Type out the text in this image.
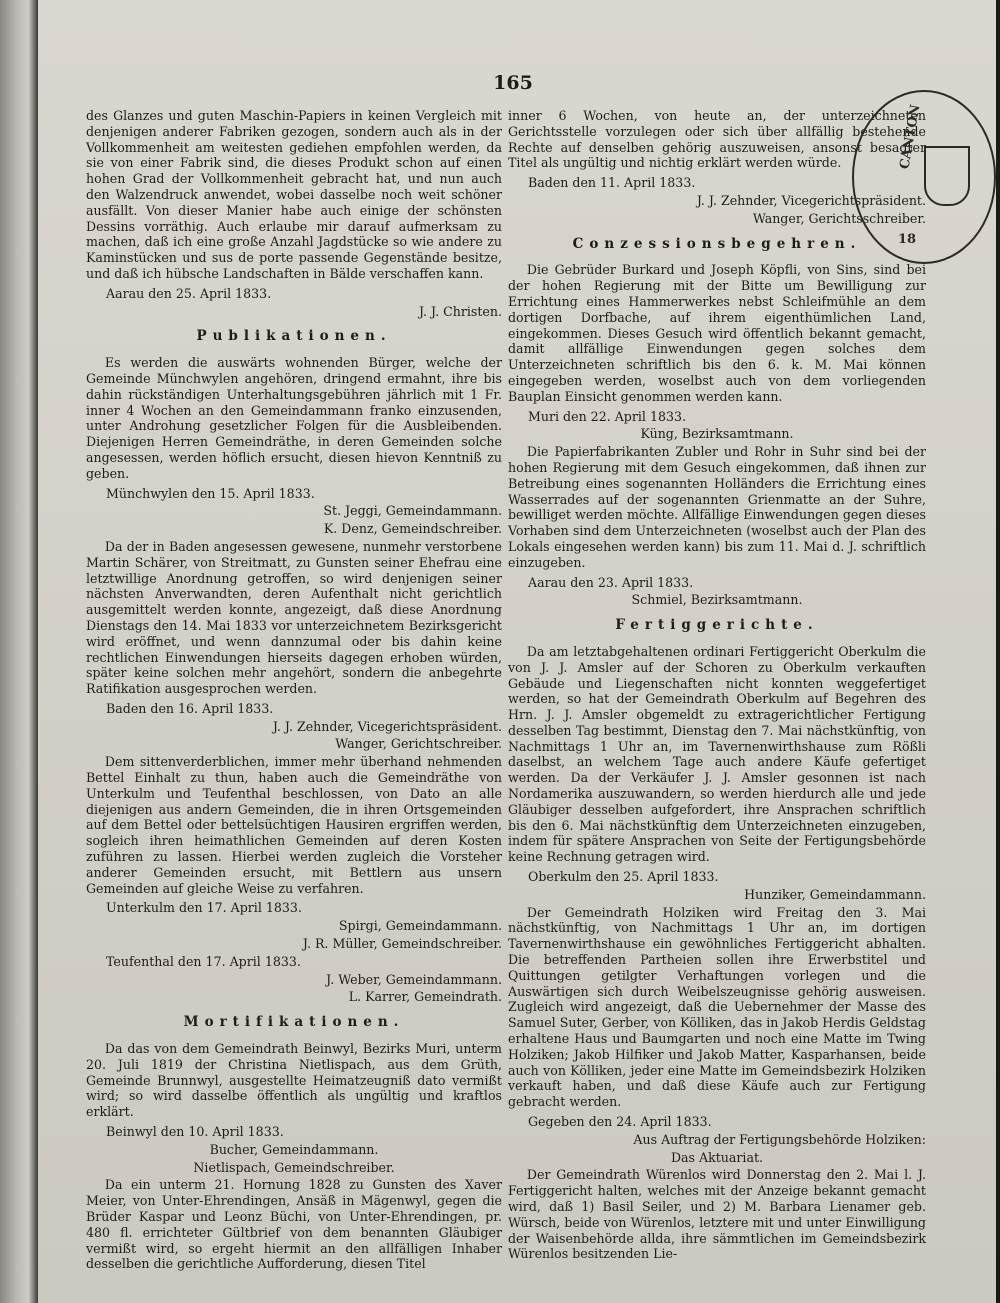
165

des Glanzes und guten Maschin-Papiers in keinen Vergleich mit denjenigen anderer Fabriken gezogen, sondern auch als in der Vollkommenheit am weitesten gediehen empfohlen werden, da sie von einer Fabrik sind, die dieses Produkt schon auf einen hohen Grad der Vollkommenheit gebracht hat, und nun auch den Walzendruck anwendet, wobei dasselbe noch weit schöner ausfällt. Von dieser Manier habe auch einige der schönsten Dessins vorräthig. Auch erlaube mir darauf aufmerksam zu machen, daß ich eine große Anzahl Jagdstücke so wie andere zu Kaminstücken und sus de porte passende Gegenstände besitze, und daß ich hübsche Landschaften in Bälde verschaffen kann.

Aarau den 25. April 1833.
J. J. Christen.
Publikationen.

Es werden die auswärts wohnenden Bürger, welche der Gemeinde Münchwylen angehören, dringend ermahnt, ihre bis dahin rückständigen Unterhaltungsgebühren jährlich mit 1 Fr. inner 4 Wochen an den Gemeindammann franko einzusenden, unter Androhung gesetzlicher Folgen für die Ausbleibenden. Diejenigen Herren Gemeindräthe, in deren Gemeinden solche angesessen, werden höflich ersucht, diesen hievon Kenntniß zu geben.

Münchwylen den 15. April 1833.
St. Jeggi, Gemeindammann.
K. Denz, Gemeindschreiber.

Da der in Baden angesessen gewesene, nunmehr verstorbene Martin Schärer, von Streitmatt, zu Gunsten seiner Ehefrau eine letztwillige Anordnung getroffen, so wird denjenigen seiner nächsten Anverwandten, deren Aufenthalt nicht gerichtlich ausgemittelt werden konnte, angezeigt, daß diese Anordnung Dienstags den 14. Mai 1833 vor unterzeichnetem Bezirksgericht wird eröffnet, und wenn dannzumal oder bis dahin keine rechtlichen Einwendungen hierseits dagegen erhoben würden, später keine solchen mehr angehört, sondern die anbegehrte Ratifikation ausgesprochen werden.

Baden den 16. April 1833.
J. J. Zehnder, Vicegerichtspräsident.
Wanger, Gerichtschreiber.

Dem sittenverderblichen, immer mehr überhand nehmenden Bettel Einhalt zu thun, haben auch die Gemeindräthe von Unterkulm und Teufenthal beschlossen, von Dato an alle diejenigen aus andern Gemeinden, die in ihren Ortsgemeinden auf dem Bettel oder bettelsüchtigen Hausiren ergriffen werden, sogleich ihren heimathlichen Gemeinden auf deren Kosten zuführen zu lassen. Hierbei werden zugleich die Vorsteher anderer Gemeinden ersucht, mit Bettlern aus unsern Gemeinden auf gleiche Weise zu verfahren.

Unterkulm den 17. April 1833.
Spirgi, Gemeindammann.
J. R. Müller, Gemeindschreiber.
Teufenthal den 17. April 1833.
J. Weber, Gemeindammann.
L. Karrer, Gemeindrath.
Mortifikationen.

Da das von dem Gemeindrath Beinwyl, Bezirks Muri, unterm 20. Juli 1819 der Christina Nietlispach, aus dem Grüth, Gemeinde Brunnwyl, ausgestellte Heimatzeugniß dato vermißt wird; so wird dasselbe öffentlich als ungültig und kraftlos erklärt.

Beinwyl den 10. April 1833.
Bucher, Gemeindammann.
Nietlispach, Gemeindschreiber.

Da ein unterm 21. Hornung 1828 zu Gunsten des Xaver Meier, von Unter-Ehrendingen, Ansäß in Mägenwyl, gegen die Brüder Kaspar und Leonz Büchi, von Unter-Ehrendingen, pr. 480 fl. errichteter Gültbrief von dem benannten Gläubiger vermißt wird, so ergeht hiermit an den allfälligen Inhaber desselben die gerichtliche Aufforderung, diesen Titel

inner 6 Wochen, von heute an, der unterzeichneten Gerichtsstelle vorzulegen oder sich über allfällig bestehende Rechte auf denselben gehörig auszuweisen, ansonst besagter Titel als ungültig und nichtig erklärt werden würde.

Baden den 11. April 1833.
J. J. Zehnder, Vicegerichtspräsident.
Wanger, Gerichtsschreiber.
Conzessionsbegehren.

Die Gebrüder Burkard und Joseph Köpfli, von Sins, sind bei der hohen Regierung mit der Bitte um Bewilligung zur Errichtung eines Hammerwerkes nebst Schleifmühle an dem dortigen Dorfbache, auf ihrem eigenthümlichen Land, eingekommen. Dieses Gesuch wird öffentlich bekannt gemacht, damit allfällige Einwendungen gegen solches dem Unterzeichneten schriftlich bis den 6. k. M. Mai können eingegeben werden, woselbst auch von dem vorliegenden Bauplan Einsicht genommen werden kann.

Muri den 22. April 1833.
Küng, Bezirksamtmann.

Die Papierfabrikanten Zubler und Rohr in Suhr sind bei der hohen Regierung mit dem Gesuch eingekommen, daß ihnen zur Betreibung eines sogenannten Holländers die Errichtung eines Wasserrades auf der sogenannten Grienmatte an der Suhre, bewilliget werden möchte. Allfällige Einwendungen gegen dieses Vorhaben sind dem Unterzeichneten (woselbst auch der Plan des Lokals eingesehen werden kann) bis zum 11. Mai d. J. schriftlich einzugeben.

Aarau den 23. April 1833.
Schmiel, Bezirksamtmann.
Fertiggerichte.

Da am letztabgehaltenen ordinari Fertiggericht Oberkulm die von J. J. Amsler auf der Schoren zu Oberkulm verkauften Gebäude und Liegenschaften nicht konnten weggefertiget werden, so hat der Gemeindrath Oberkulm auf Begehren des Hrn. J. J. Amsler obgemeldt zu extragerichtlicher Fertigung desselben Tag bestimmt, Dienstag den 7. Mai nächstkünftig, von Nachmittags 1 Uhr an, im Tavernenwirthshause zum Rößli daselbst, an welchem Tage auch andere Käufe gefertiget werden. Da der Verkäufer J. J. Amsler gesonnen ist nach Nordamerika auszuwandern, so werden hierdurch alle und jede Gläubiger desselben aufgefordert, ihre Ansprachen schriftlich bis den 6. Mai nächstkünftig dem Unterzeichneten einzugeben, indem für spätere Ansprachen von Seite der Fertigungsbehörde keine Rechnung getragen wird.

Oberkulm den 25. April 1833.
Hunziker, Gemeindammann.

Der Gemeindrath Holziken wird Freitag den 3. Mai nächstkünftig, von Nachmittags 1 Uhr an, im dortigen Tavernenwirthshause ein gewöhnliches Fertiggericht abhalten. Die betreffenden Partheien sollen ihre Erwerbstitel und Quittungen getilgter Verhaftungen vorlegen und die Auswärtigen sich durch Weibelszeugnisse gehörig ausweisen. Zugleich wird angezeigt, daß die Uebernehmer der Masse des Samuel Suter, Gerber, von Kölliken, das in Jakob Herdis Geldstag erhaltene Haus und Baumgarten und noch eine Matte im Twing Holziken; Jakob Hilfiker und Jakob Matter, Kasparhansen, beide auch von Kölliken, jeder eine Matte im Gemeindsbezirk Holziken verkauft haben, und daß diese Käufe auch zur Fertigung gebracht werden.

Gegeben den 24. April 1833.
Aus Auftrag der Fertigungsbehörde Holziken:
Das Aktuariat.

Der Gemeindrath Würenlos wird Donnerstag den 2. Mai l. J. Fertiggericht halten, welches mit der Anzeige bekannt gemacht wird, daß 1) Basil Seiler, und 2) M. Barbara Lienamer geb. Würsch, beide von Würenlos, letztere mit und unter Einwilligung der Waisenbehörde allda, ihre sämmtlichen im Gemeindsbezirk Würenlos besitzenden Lie-

CANTON
18
